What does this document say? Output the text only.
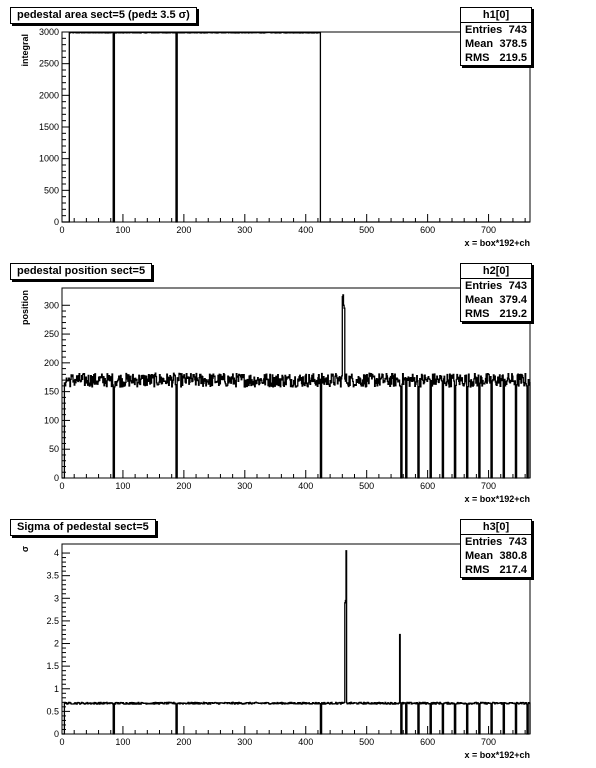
0
500
1000
1500
2000
2500
3000
0	100	200	300	400	500	600	700
x = box*192+ch
integral
pedestal area sect=5 (ped± 3.5 σ)	h1[0]
Entries 743
Mean 378.5
RMS 219.5
0
50
100
150
200
250
300
0	100	200	300	400	500	600	700
x = box*192+ch
position
pedestal position sect=5	h2[0]
Entries 743
Mean 379.4
RMS 219.2
0
0.5
1
1.5
2
2.5
3
3.5
4
0	100	200	300	400	500	600	700
x = box*192+ch
σ
Sigma of pedestal sect=5	h3[0]
Entries 743
Mean 380.8
RMS 217.4
